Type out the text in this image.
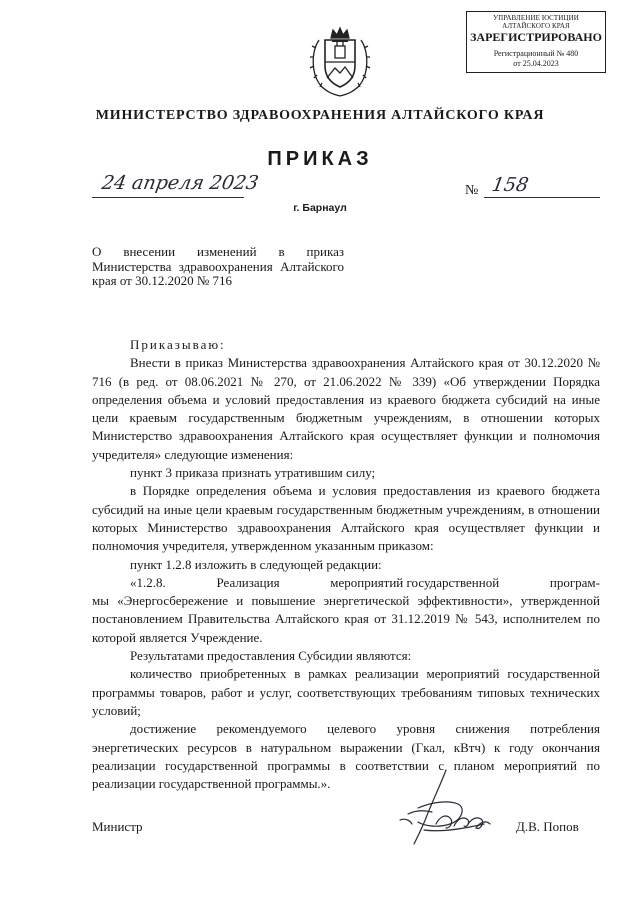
УПРАВЛЕНИЕ ЮСТИЦИИ
АЛТАЙСКОГО КРАЯ
ЗАРЕГИСТРИРОВАНО
Регистрационный № 480
от 25.04.2023
МИНИСТЕРСТВО ЗДРАВООХРАНЕНИЯ АЛТАЙСКОГО КРАЯ
ПРИКАЗ
24 апреля 2023	№ 158
г. Барнаул
О внесении изменений в приказ Министерства здравоохранения Алтайского края от 30.12.2020 № 716

Приказываю:

Внести в приказ Министерства здравоохранения Алтайского края от 30.12.2020 № 716 (в ред. от 08.06.2021 № 270, от 21.06.2022 № 339) «Об утверждении Порядка определения объема и условий предоставления из краевого бюджета субсидий на иные цели краевым государственным бюджетным учреждениям, в отношении которых Министерство здравоохранения Алтайского края осуществляет функции и полномочия учредителя» следующие изменения:

пункт 3 приказа признать утратившим силу;

в Порядке определения объема и условия предоставления из краевого бюджета субсидий на иные цели краевым государственным бюджетным учреждениям, в отношении которых Министерство здравоохранения Алтайского края осуществляет функции и полномочия учредителя, утвержденном указанным приказом:

пункт 1.2.8 изложить в следующей редакции:

«1.2.8.	Реализация	мероприятий государственной	програм-

мы «Энергосбережение и повышение энергетической эффективности», утвержденной постановлением Правительства Алтайского края от 31.12.2019 № 543, исполнителем по которой является Учреждение.

Результатами предоставления Субсидии являются:

количество приобретенных в рамках реализации мероприятий государственной программы товаров, работ и услуг, соответствующих требованиям типовых технических условий;

достижение рекомендуемого целевого уровня снижения потребления энергетических ресурсов в натуральном выражении (Гкал, кВтч) к году окончания реализации государственной программы в соответствии с планом мероприятий по реализации государственной программы.».

Министр	Д.В. Попов
